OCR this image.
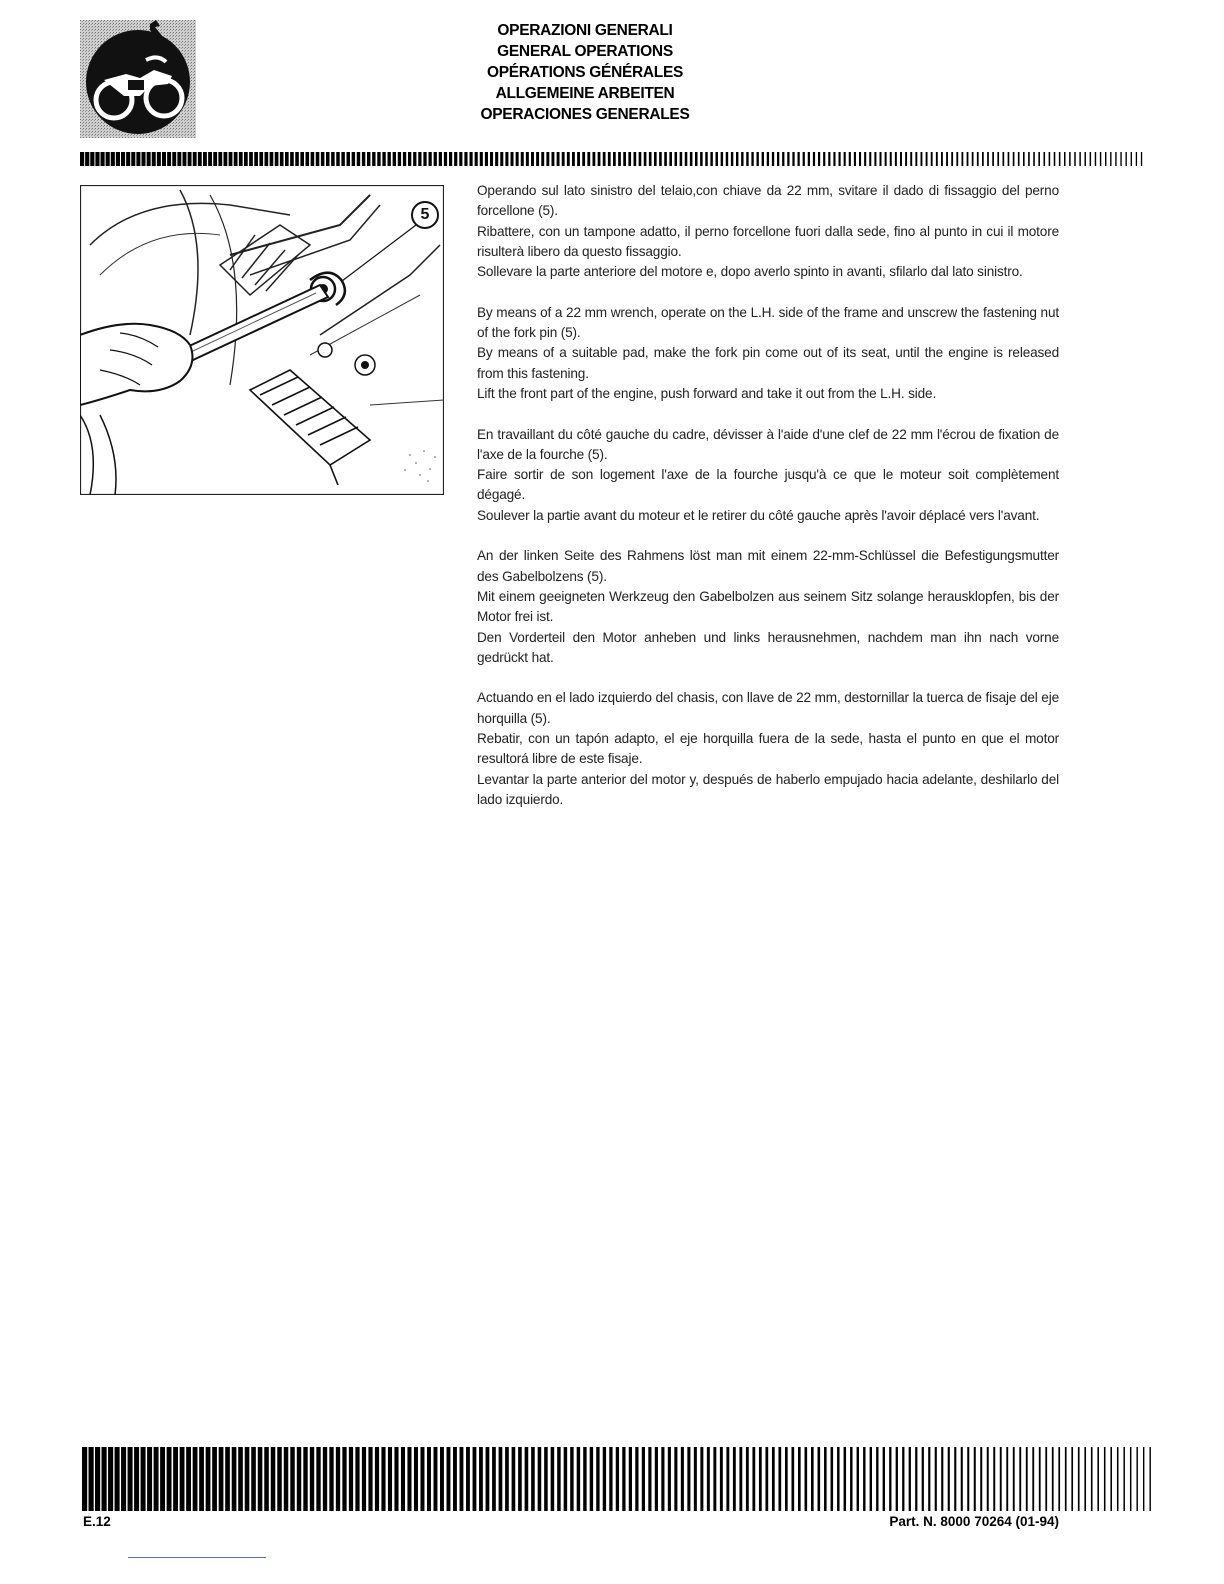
OPERAZIONI GENERALI
GENERAL OPERATIONS
OPÉRATIONS GÉNÉRALES
ALLGEMEINE ARBEITEN
OPERACIONES GENERALES
5

Operando sul lato sinistro del telaio,con chiave da 22 mm, svitare il dado di fissaggio del perno forcellone (5).

Ribattere, con un tampone adatto, il perno forcellone fuori dalla sede, fino al punto in cui il motore risulterà libero da questo fissaggio.

Sollevare la parte anteriore del motore e, dopo averlo spinto in avanti, sfilarlo dal lato sinistro.

By means of a 22 mm wrench, operate on the L.H. side of the frame and unscrew the fastening nut of the fork pin (5).

By means of a suitable pad, make the fork pin come out of its seat, until the engine is released from this fastening.

Lift the front part of the engine, push forward and take it out from the L.H. side.

En travaillant du côté gauche du cadre, dévisser à l'aide d'une clef de 22 mm l'écrou de fixation de l'axe de la fourche (5).

Faire sortir de son logement l'axe de la fourche jusqu'à ce que le moteur soit complètement dégagé.

Soulever la partie avant du moteur et le retirer du côté gauche après l'avoir déplacé vers l'avant.

An der linken Seite des Rahmens löst man mit einem 22-mm-Schlüssel die Befestigungsmutter des Gabelbolzens (5).

Mit einem geeigneten Werkzeug den Gabelbolzen aus seinem Sitz solange herausklopfen, bis der Motor frei ist.

Den Vorderteil den Motor anheben und links herausnehmen, nachdem man ihn nach vorne gedrückt hat.

Actuando en el lado izquierdo del chasis, con llave de 22 mm, destornillar la tuerca de fisaje del eje horquilla (5).

Rebatir, con un tapón adapto, el eje horquilla fuera de la sede, hasta el punto en que el motor resultorá libre de este fisaje.

Levantar la parte anterior del motor y, después de haberlo empujado hacia adelante, deshilarlo del lado izquierdo.

E.12	Part. N. 8000 70264 (01-94)
